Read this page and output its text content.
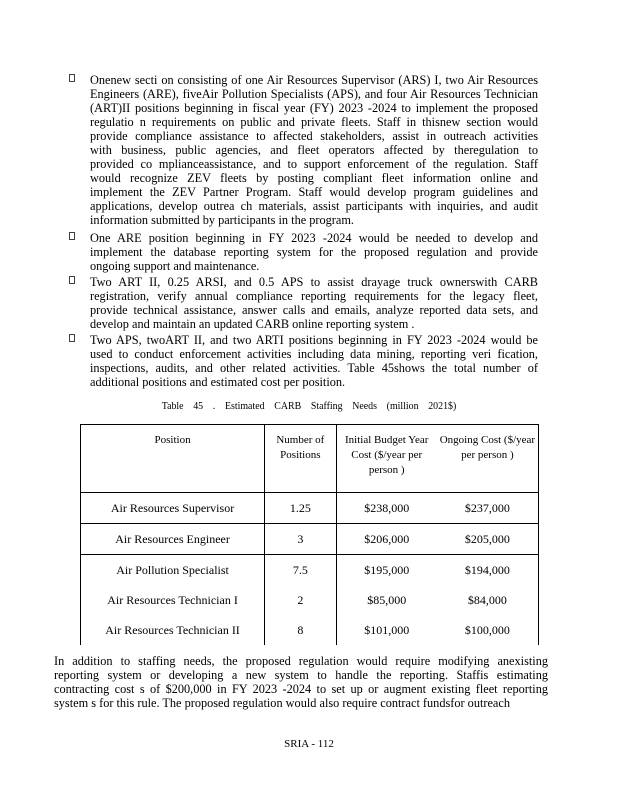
Onenew secti on consisting of one Air Resources Supervisor (ARS) I, two Air Resources
Engineers (ARE), fiveAir Pollution Specialists (APS), and four Air Resources Technician
(ART)II positions beginning in fiscal year (FY) 2023 -2024 to implement the proposed
regulatio n requirements on public and private fleets. Staff in thisnew section would
provide compliance assistance to affected stakeholders, assist in outreach activities
with business, public agencies, and fleet operators affected by theregulation to
provided co mplianceassistance, and to support enforcement of the regulation. Staff
would recognize ZEV fleets by posting compliant fleet information online and
implement the ZEV Partner Program. Staff would develop program guidelines and
applications, develop outrea ch materials, assist participants with inquiries, and audit
information submitted by participants in the program.
One ARE position beginning in FY 2023 -2024 would be needed to develop and
implement the database reporting system for the proposed regulation and provide
ongoing support and maintenance.
Two ART II, 0.25 ARSI, and 0.5 APS to assist drayage truck ownerswith CARB
registration, verify annual compliance reporting requirements for the legacy fleet,
provide technical assistance, answer calls and emails, analyze reported data sets, and
develop and maintain an updated CARB online reporting system .
Two APS, twoART II, and two ARTI positions beginning in FY 2023 -2024 would be
used to conduct enforcement activities including data mining, reporting veri fication,
inspections, audits, and other related activities. Table 45shows the total number of
additional positions and estimated cost per position.
Table 45 . Estimated CARB Staffing Needs (million 2021$)
Position	Number of Positions	Initial Budget Year Cost ($/year per person )	Ongoing Cost ($/year per person )
Air Resources Supervisor	1.25	$238,000	$237,000
Air Resources Engineer	3	$206,000	$205,000
Air Pollution Specialist	7.5	$195,000	$194,000
Air Resources Technician I	2	$85,000	$84,000
Air Resources Technician II	8	$101,000	$100,000
In addition to staffing needs, the proposed regulation would require modifying anexisting
reporting system or developing a new system to handle the reporting. Staffis estimating
contracting cost s of $200,000 in FY 2023 -2024 to set up or augment existing fleet reporting
system s for this rule. The proposed regulation would also require contract fundsfor outreach
SRIA - 112
